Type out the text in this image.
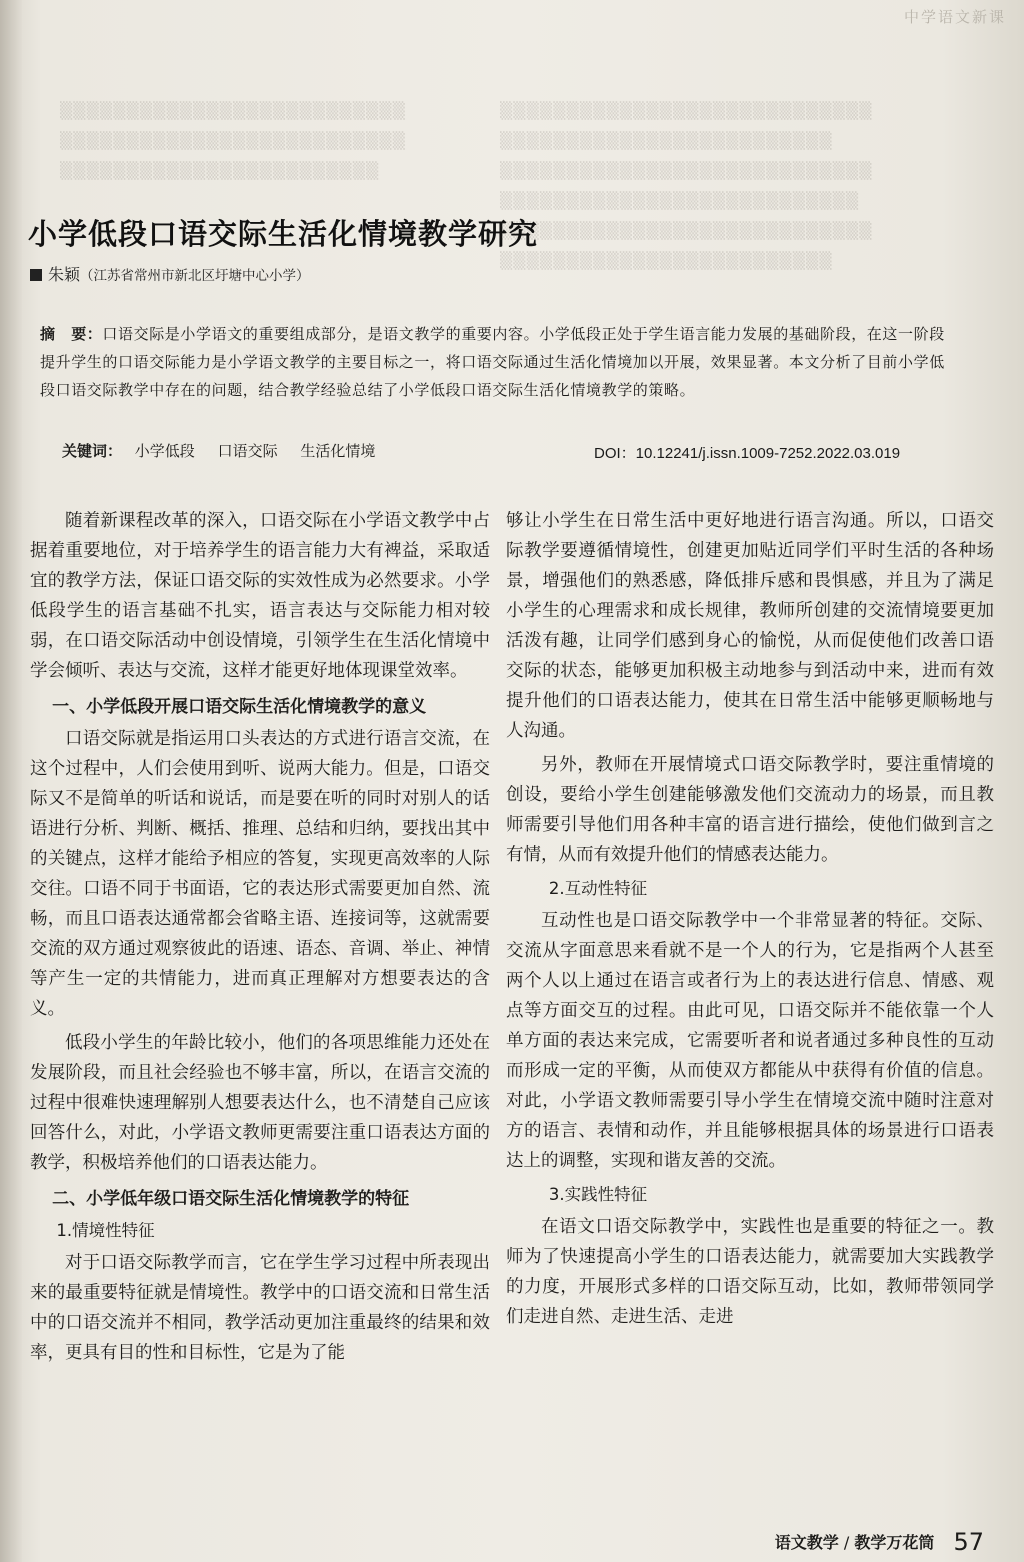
中学语文新课
▒▒▒▒▒▒▒▒▒▒▒▒▒▒▒▒▒▒▒▒▒▒▒▒▒▒
▒▒▒▒▒▒▒▒▒▒▒▒▒▒▒▒▒▒▒▒▒▒▒▒▒▒
▒▒▒▒▒▒▒▒▒▒▒▒▒▒▒▒▒▒▒▒▒▒▒▒
▒▒▒▒▒▒▒▒▒▒▒▒▒▒▒▒▒▒▒▒▒▒▒▒▒▒▒▒
▒▒▒▒▒▒▒▒▒▒▒▒▒▒▒▒▒▒▒▒▒▒▒▒▒
▒▒▒▒▒▒▒▒▒▒▒▒▒▒▒▒▒▒▒▒▒▒▒▒▒▒▒▒
▒▒▒▒▒▒▒▒▒▒▒▒▒▒▒▒▒▒▒▒▒▒▒▒▒▒▒
▒▒▒▒▒▒▒▒▒▒▒▒▒▒▒▒▒▒▒▒▒▒▒▒▒▒▒▒
▒▒▒▒▒▒▒▒▒▒▒▒▒▒▒▒▒▒▒▒▒▒▒▒▒
小学低段口语交际生活化情境教学研究
朱颖（江苏省常州市新北区圩塘中心小学）
摘　要：口语交际是小学语文的重要组成部分，是语文教学的重要内容。小学低段正处于学生语言能力发展的基础阶段，在这一阶段提升学生的口语交际能力是小学语文教学的主要目标之一，将口语交际通过生活化情境加以开展，效果显著。本文分析了目前小学低段口语交际教学中存在的问题，结合教学经验总结了小学低段口语交际生活化情境教学的策略。
关键词： 小学低段 口语交际 生活化情境	DOI：10.12241/j.issn.1009-7252.2022.03.019

随着新课程改革的深入，口语交际在小学语文教学中占据着重要地位，对于培养学生的语言能力大有裨益，采取适宜的教学方法，保证口语交际的实效性成为必然要求。小学低段学生的语言基础不扎实，语言表达与交际能力相对较弱，在口语交际活动中创设情境，引领学生在生活化情境中学会倾听、表达与交流，这样才能更好地体现课堂效率。

一、小学低段开展口语交际生活化情境教学的意义

口语交际就是指运用口头表达的方式进行语言交流，在这个过程中，人们会使用到听、说两大能力。但是，口语交际又不是简单的听话和说话，而是要在听的同时对别人的话语进行分析、判断、概括、推理、总结和归纳，要找出其中的关键点，这样才能给予相应的答复，实现更高效率的人际交往。口语不同于书面语，它的表达形式需要更加自然、流畅，而且口语表达通常都会省略主语、连接词等，这就需要交流的双方通过观察彼此的语速、语态、音调、举止、神情等产生一定的共情能力，进而真正理解对方想要表达的含义。

低段小学生的年龄比较小，他们的各项思维能力还处在发展阶段，而且社会经验也不够丰富，所以，在语言交流的过程中很难快速理解别人想要表达什么，也不清楚自己应该回答什么，对此，小学语文教师更需要注重口语表达方面的教学，积极培养他们的口语表达能力。

二、小学低年级口语交际生活化情境教学的特征
1.情境性特征

对于口语交际教学而言，它在学生学习过程中所表现出来的最重要特征就是情境性。教学中的口语交流和日常生活中的口语交流并不相同，教学活动更加注重最终的结果和效率，更具有目的性和目标性，它是为了能

够让小学生在日常生活中更好地进行语言沟通。所以，口语交际教学要遵循情境性，创建更加贴近同学们平时生活的各种场景，增强他们的熟悉感，降低排斥感和畏惧感，并且为了满足小学生的心理需求和成长规律，教师所创建的交流情境要更加活泼有趣，让同学们感到身心的愉悦，从而促使他们改善口语交际的状态，能够更加积极主动地参与到活动中来，进而有效提升他们的口语表达能力，使其在日常生活中能够更顺畅地与人沟通。

另外，教师在开展情境式口语交际教学时，要注重情境的创设，要给小学生创建能够激发他们交流动力的场景，而且教师需要引导他们用各种丰富的语言进行描绘，使他们做到言之有情，从而有效提升他们的情感表达能力。

2.互动性特征

互动性也是口语交际教学中一个非常显著的特征。交际、交流从字面意思来看就不是一个人的行为，它是指两个人甚至两个人以上通过在语言或者行为上的表达进行信息、情感、观点等方面交互的过程。由此可见，口语交际并不能依靠一个人单方面的表达来完成，它需要听者和说者通过多种良性的互动而形成一定的平衡，从而使双方都能从中获得有价值的信息。对此，小学语文教师需要引导小学生在情境交流中随时注意对方的语言、表情和动作，并且能够根据具体的场景进行口语表达上的调整，实现和谐友善的交流。

3.实践性特征

在语文口语交际教学中，实践性也是重要的特征之一。教师为了快速提高小学生的口语表达能力，就需要加大实践教学的力度，开展形式多样的口语交际互动，比如，教师带领同学们走进自然、走进生活、走进

语文教学 / 教学万花筒 57
